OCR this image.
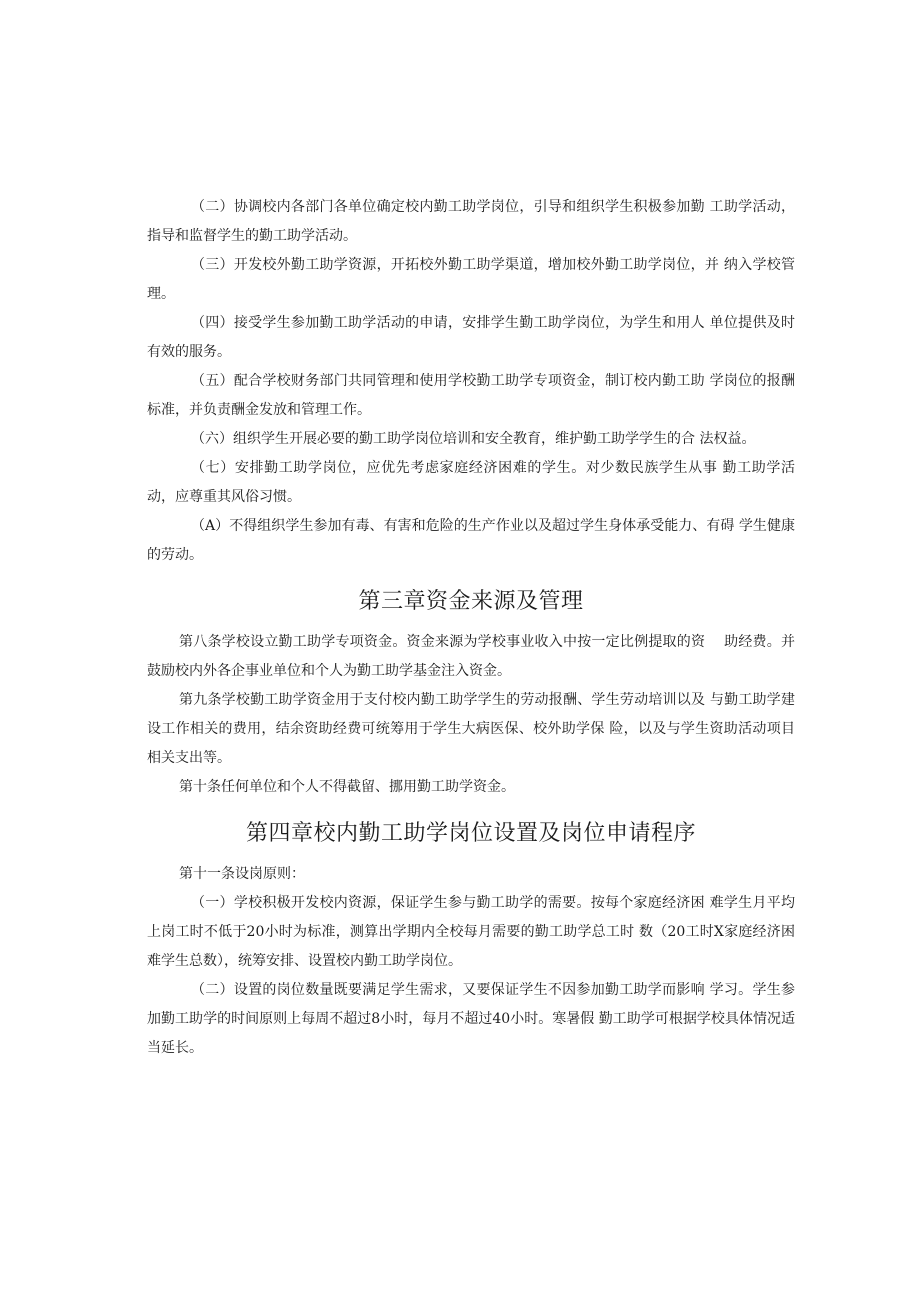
（二）协调校内各部门各单位确定校内勤工助学岗位，引导和组织学生积极参加勤 工助学活动，指导和监督学生的勤工助学活动。

（三）开发校外勤工助学资源，开拓校外勤工助学渠道，增加校外勤工助学岗位，并 纳入学校管理。

（四）接受学生参加勤工助学活动的申请，安排学生勤工助学岗位，为学生和用人 单位提供及时有效的服务。

（五）配合学校财务部门共同管理和使用学校勤工助学专项资金，制订校内勤工助 学岗位的报酬标准，并负责酬金发放和管理工作。

（六）组织学生开展必要的勤工助学岗位培训和安全教育，维护勤工助学学生的合 法权益。

（七）安排勤工助学岗位，应优先考虑家庭经济困难的学生。对少数民族学生从事 勤工助学活动，应尊重其风俗习惯。

（A）不得组织学生参加有毒、有害和危险的生产作业以及超过学生身体承受能力、有碍 学生健康的劳动。

第三章资金来源及管理

第八条学校设立勤工助学专项资金。资金来源为学校事业收入中按一定比例提取的资　 助经费。并鼓励校内外各企事业单位和个人为勤工助学基金注入资金。

第九条学校勤工助学资金用于支付校内勤工助学学生的劳动报酬、学生劳动培训以及 与勤工助学建设工作相关的费用，结余资助经费可统筹用于学生大病医保、校外助学保 险，以及与学生资助活动项目相关支出等。

第十条任何单位和个人不得截留、挪用勤工助学资金。

第四章校内勤工助学岗位设置及岗位申请程序

第十一条设岗原则：

（一）学校积极开发校内资源，保证学生参与勤工助学的需要。按每个家庭经济困 难学生月平均上岗工时不低于20小时为标准，测算出学期内全校每月需要的勤工助学总工时 数（20工时X家庭经济困难学生总数），统筹安排、设置校内勤工助学岗位。

（二）设置的岗位数量既要满足学生需求，又要保证学生不因参加勤工助学而影响 学习。学生参加勤工助学的时间原则上每周不超过8小时，每月不超过40小时。寒暑假 勤工助学可根据学校具体情况适当延长。
